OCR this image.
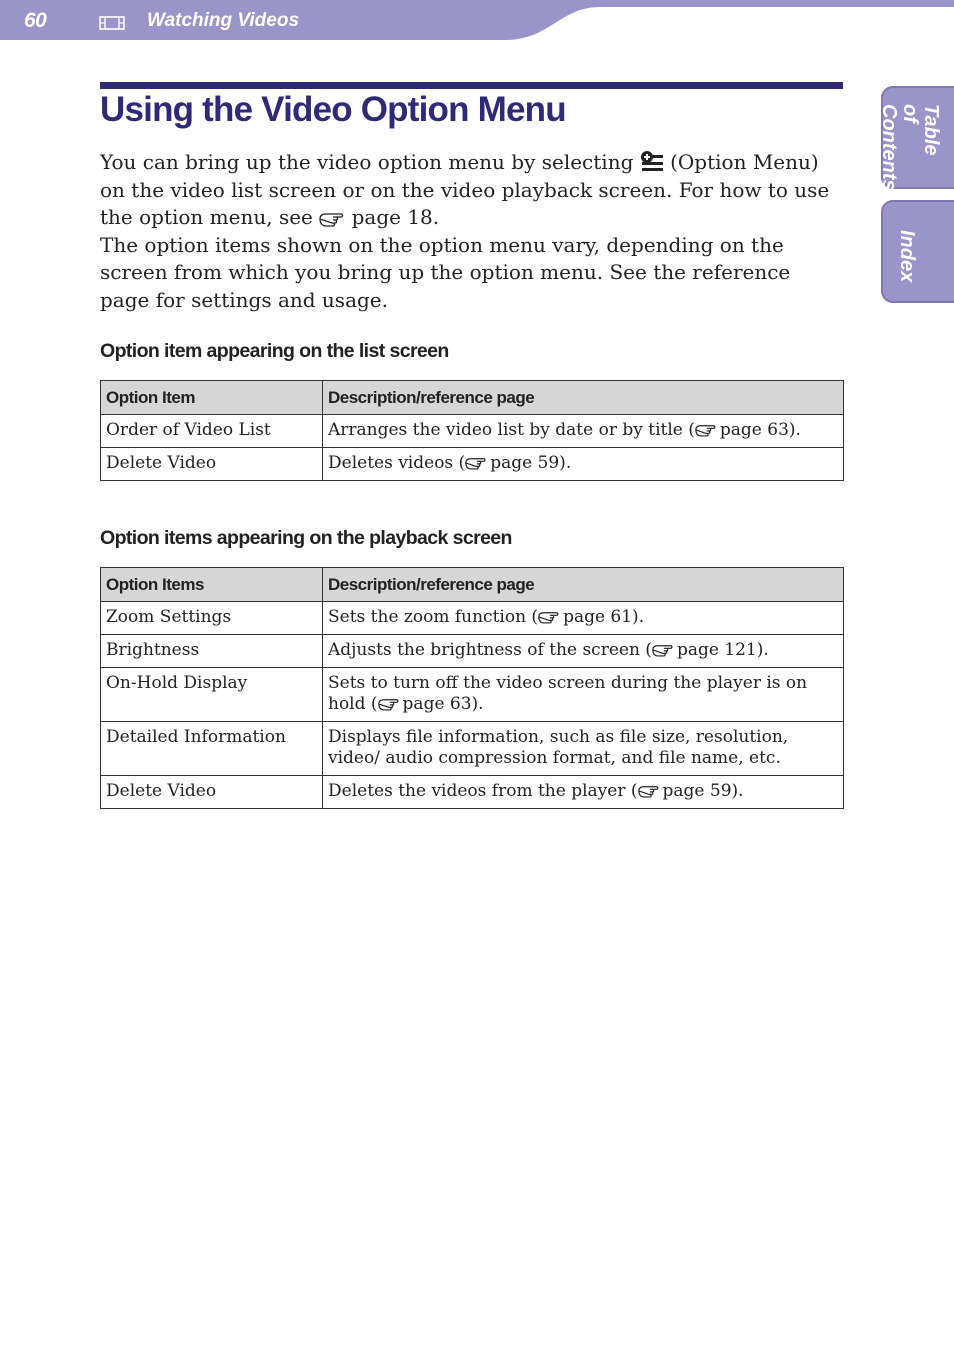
60	Watching Videos
Table of Contents
Index
Using the Video Option Menu

You can bring up the video option menu by selecting (Option Menu) on the video list screen or on the video playback screen. For how to use the option menu, see page 18.

The option items shown on the option menu vary, depending on the screen from which you bring up the option menu. See the reference page for settings and usage.

Option item appearing on the list screen
Option Item	Description/reference page
Order of Video List	Arranges the video list by date or by title ( page 63).
Delete Video	Deletes videos ( page 59).
Option items appearing on the playback screen
Option Items	Description/reference page
Zoom Settings	Sets the zoom function ( page 61).
Brightness	Adjusts the brightness of the screen ( page 121).
On-Hold Display	Sets to turn off the video screen during the player is on hold ( page 63).
Detailed Information	Displays file information, such as file size, resolution, video/ audio compression format, and file name, etc.
Delete Video	Deletes the videos from the player ( page 59).
